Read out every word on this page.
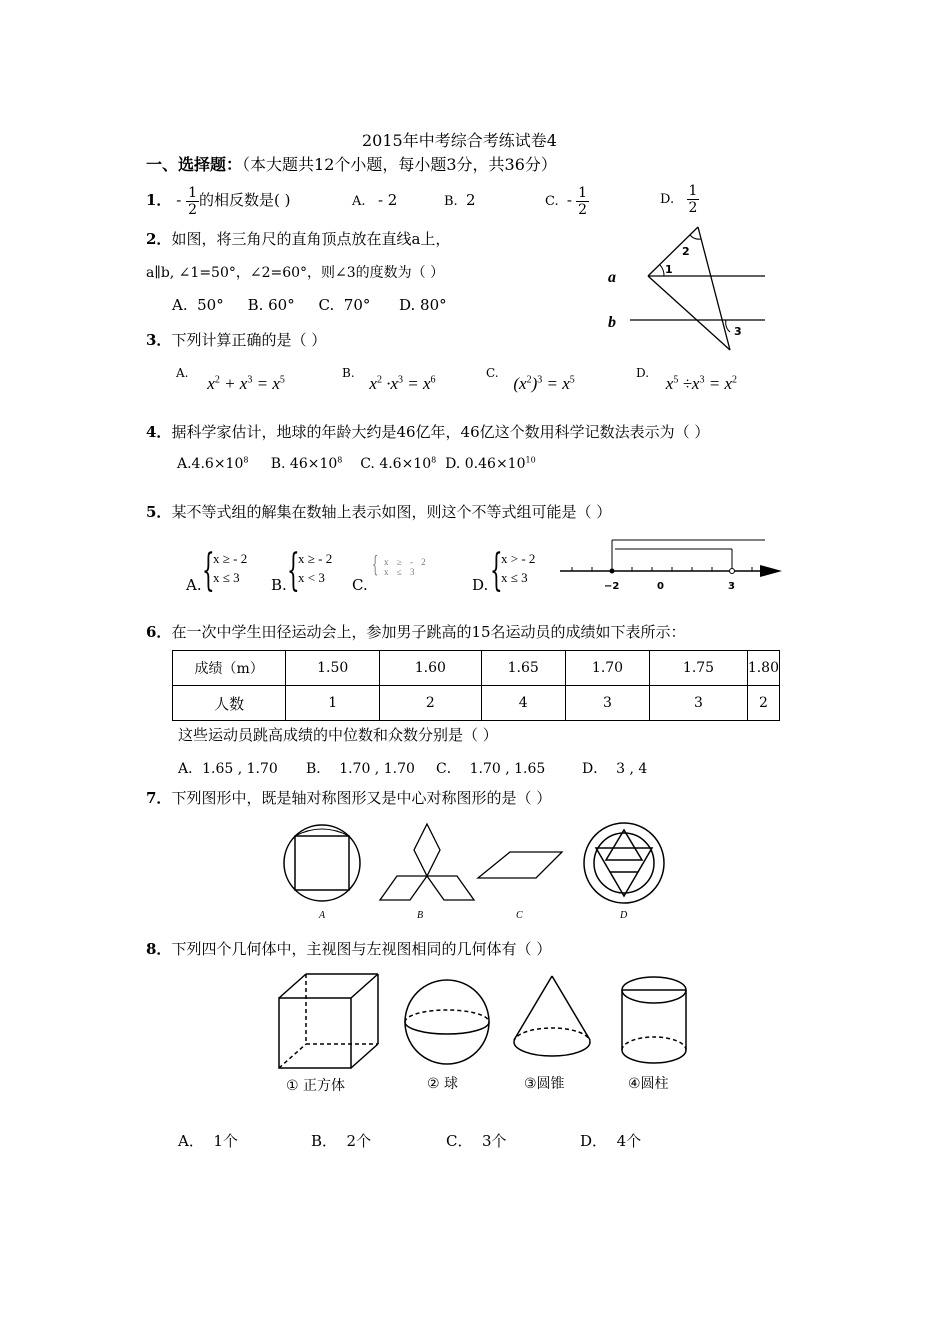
2015年中考综合考练试卷4
一、选择题：（本大题共12个小题，每小题3分，共36分）
1． - $\frac{1}{2}$ 的相反数是( )	A. - 2	B. 2	C. - $\frac{1}{2}$	D. $\frac{1}{2}$
2．如图，将三角尺的直角顶点放在直线a上，
a∥b, ∠1=50°，∠2=60°，则∠3的度数为（ ）
A.  50°     B. 60°     C.  70°      D. 80°
a
b
1
2
3
3．下列计算正确的是（ ）
$^{A.}$ $x^2 + x^3 = x^5$	$^{B.}$ $x^2 \cdot x^3 = x^6$	$^{C.}$ $(x^2)^3 = x^5$	$^{D.}$ $x^5 \div x^3 = x^2$
4．据科学家估计，地球的年龄大约是46亿年，46亿这个数用科学记数法表示为（ ）
$A.4.6\times 10^8$ B. $46\times 10^8$ C. $4.6\times 10^8$ D. $0.46\times 10^{10}$
5．某不等式组的解集在数轴上表示如图，则这个不等式组可能是（ ）
A. {
x ≥ - 2
x ≤ 3	B. {
x ≥ - 2
x < 3	C.
{ x ≥ - 2
x ≤ 3
D. {
x > - 2
x ≤ 3
−2	0	3
6．在一次中学生田径运动会上，参加男子跳高的15名运动员的成绩如下表所示：
成绩（m）	1.50	1.60	1.65	1.70	1.75	1.80
人数	1	2	4	3	3	2
这些运动员跳高成绩的中位数和众数分别是（ ）
A．1.65 , 1.70 B．  1.70 , 1.70 C．  1.70 , 1.65	D．  3 , 4
7．下列图形中，既是轴对称图形又是中心对称图形的是（ ）
A	B	C	D
8．下列四个几何体中，主视图与左视图相同的几何体有（ ）
① 正方体	② 球	③圆锥	④圆柱
A．  1个	B．  2个	C．  3个	D．  4个
